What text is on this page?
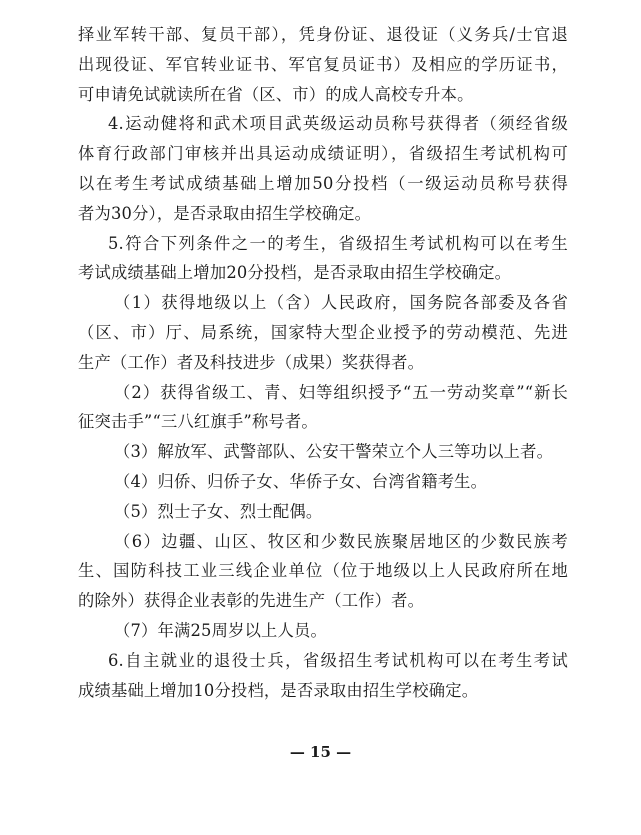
择业军转干部、复员干部），凭身份证、退役证（义务兵/士官退
出现役证、军官转业证书、军官复员证书）及相应的学历证书，
可申请免试就读所在省（区、市）的成人高校专升本。
4.运动健将和武术项目武英级运动员称号获得者（须经省级
体育行政部门审核并出具运动成绩证明），省级招生考试机构可
以在考生考试成绩基础上增加50分投档（一级运动员称号获得
者为30分），是否录取由招生学校确定。
5.符合下列条件之一的考生，省级招生考试机构可以在考生
考试成绩基础上增加20分投档，是否录取由招生学校确定。
（1）获得地级以上（含）人民政府，国务院各部委及各省
（区、市）厅、局系统，国家特大型企业授予的劳动模范、先进
生产（工作）者及科技进步（成果）奖获得者。
（2）获得省级工、青、妇等组织授予“五一劳动奖章”“新长
征突击手”“三八红旗手”称号者。
（3）解放军、武警部队、公安干警荣立个人三等功以上者。
（4）归侨、归侨子女、华侨子女、台湾省籍考生。
（5）烈士子女、烈士配偶。
（6）边疆、山区、牧区和少数民族聚居地区的少数民族考
生、国防科技工业三线企业单位（位于地级以上人民政府所在地
的除外）获得企业表彰的先进生产（工作）者。
（7）年满25周岁以上人员。
6.自主就业的退役士兵，省级招生考试机构可以在考生考试
成绩基础上增加10分投档，是否录取由招生学校确定。
— 15 —
